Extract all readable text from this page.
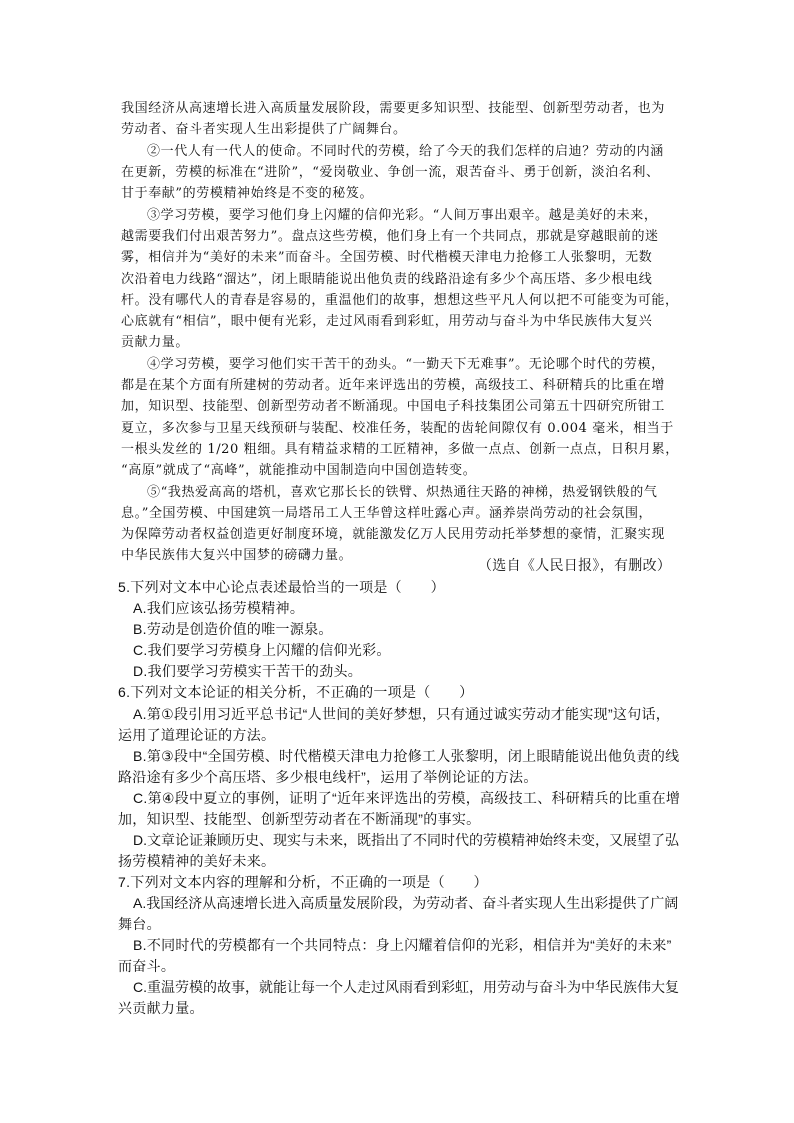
我国经济从高速增长进入高质量发展阶段，需要更多知识型、技能型、创新型劳动者，也为
劳动者、奋斗者实现人生出彩提供了广阔舞台。
②一代人有一代人的使命。不同时代的劳模，给了今天的我们怎样的启迪？劳动的内涵
在更新，劳模的标准在“进阶”，“爱岗敬业、争创一流，艰苦奋斗、勇于创新，淡泊名利、
甘于奉献”的劳模精神始终是不变的秘笈。
③学习劳模，要学习他们身上闪耀的信仰光彩。“人间万事出艰辛。越是美好的未来，
越需要我们付出艰苦努力”。盘点这些劳模，他们身上有一个共同点，那就是穿越眼前的迷
雾，相信并为“美好的未来”而奋斗。全国劳模、时代楷模天津电力抢修工人张黎明，无数
次沿着电力线路“溜达”，闭上眼睛能说出他负责的线路沿途有多少个高压塔、多少根电线
杆。没有哪代人的青春是容易的，重温他们的故事，想想这些平凡人何以把不可能变为可能，
心底就有“相信”，眼中便有光彩，走过风雨看到彩虹，用劳动与奋斗为中华民族伟大复兴
贡献力量。
④学习劳模，要学习他们实干苦干的劲头。“一勤天下无难事”。无论哪个时代的劳模，
都是在某个方面有所建树的劳动者。近年来评选出的劳模，高级技工、科研精兵的比重在增
加，知识型、技能型、创新型劳动者不断涌现。中国电子科技集团公司第五十四研究所钳工
夏立，多次参与卫星天线预研与装配、校准任务，装配的齿轮间隙仅有 0.004 毫米，相当于
一根头发丝的 1/20 粗细。具有精益求精的工匠精神，多做一点点、创新一点点，日积月累，
“高原”就成了“高峰”，就能推动中国制造向中国创造转变。
⑤“我热爱高高的塔机，喜欢它那长长的铁臂、炽热通往天路的神梯，热爱钢铁般的气
息。”全国劳模、中国建筑一局塔吊工人王华曾这样吐露心声。涵养崇尚劳动的社会氛围，
为保障劳动者权益创造更好制度环境，就能激发亿万人民用劳动托举梦想的豪情，汇聚实现
中华民族伟大复兴中国梦的磅礴力量。
（选自《人民日报》，有删改）
5.下列对文本中心论点表述最恰当的一项是（　　）
A.我们应该弘扬劳模精神。
B.劳动是创造价值的唯一源泉。
C.我们要学习劳模身上闪耀的信仰光彩。
D.我们要学习劳模实干苦干的劲头。
6.下列对文本论证的相关分析，不正确的一项是（　　）
A.第①段引用习近平总书记“人世间的美好梦想，只有通过诚实劳动才能实现”这句话，
运用了道理论证的方法。
B.第③段中“全国劳模、时代楷模天津电力抢修工人张黎明，闭上眼睛能说出他负责的线
路沿途有多少个高压塔、多少根电线杆”，运用了举例论证的方法。
C.第④段中夏立的事例，证明了“近年来评选出的劳模，高级技工、科研精兵的比重在增
加，知识型、技能型、创新型劳动者在不断涌现”的事实。
D.文章论证兼顾历史、现实与未来，既指出了不同时代的劳模精神始终未变，又展望了弘
扬劳模精神的美好未来。
7.下列对文本内容的理解和分析，不正确的一项是（　　）
A.我国经济从高速增长进入高质量发展阶段，为劳动者、奋斗者实现人生出彩提供了广阔
舞台。
B.不同时代的劳模都有一个共同特点：身上闪耀着信仰的光彩，相信并为“美好的未来”
而奋斗。
C.重温劳模的故事，就能让每一个人走过风雨看到彩虹，用劳动与奋斗为中华民族伟大复
兴贡献力量。
